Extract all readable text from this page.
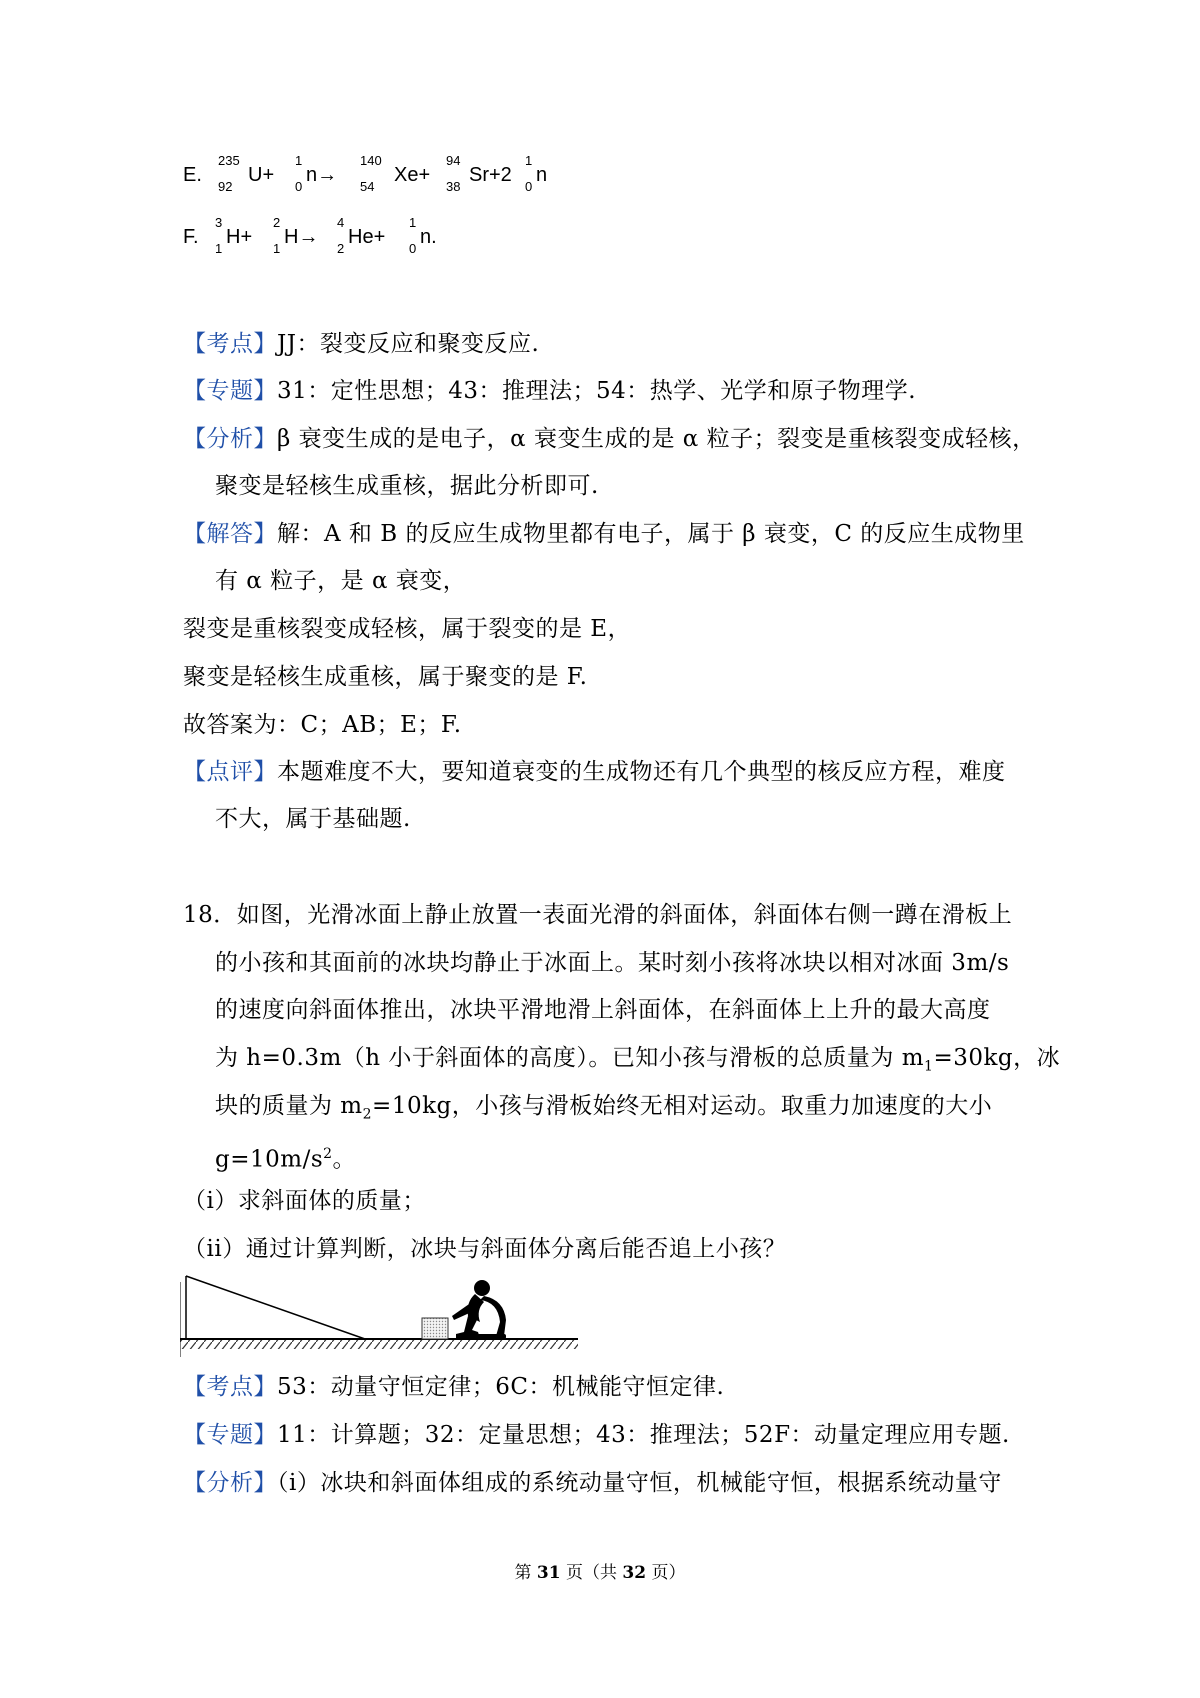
E.
235
92
U+
1
0
n→
140
54
Xe+
94
38
Sr+2
1
0
n
F.
3
1
H+
2
1
H→
4
2
He+
1
0
n.
【考点】JJ：裂变反应和聚变反应.
【专题】31：定性思想；43：推理法；54：热学、光学和原子物理学.
【分析】β 衰变生成的是电子，α 衰变生成的是 α 粒子；裂变是重核裂变成轻核，
聚变是轻核生成重核，据此分析即可.
【解答】解：A 和 B 的反应生成物里都有电子，属于 β 衰变，C 的反应生成物里
有 α 粒子，是 α 衰变，
裂变是重核裂变成轻核，属于裂变的是 E，
聚变是轻核生成重核，属于聚变的是 F.
故答案为：C；AB；E；F.
【点评】本题难度不大，要知道衰变的生成物还有几个典型的核反应方程，难度
不大，属于基础题.
18．如图，光滑冰面上静止放置一表面光滑的斜面体，斜面体右侧一蹲在滑板上
的小孩和其面前的冰块均静止于冰面上。某时刻小孩将冰块以相对冰面 3m/s
的速度向斜面体推出，冰块平滑地滑上斜面体，在斜面体上上升的最大高度
为 h=0.3m（h 小于斜面体的高度）。已知小孩与滑板的总质量为 $m_1=30kg$，冰
块的质量为 $m_2=10kg$，小孩与滑板始终无相对运动。取重力加速度的大小
$g=10m/s^2$。
（i）求斜面体的质量；
（ii）通过计算判断，冰块与斜面体分离后能否追上小孩？
【考点】53：动量守恒定律；6C：机械能守恒定律.
【专题】11：计算题；32：定量思想；43：推理法；52F：动量定理应用专题.
【分析】（i）冰块和斜面体组成的系统动量守恒，机械能守恒，根据系统动量守
第 31 页（共 32 页）
